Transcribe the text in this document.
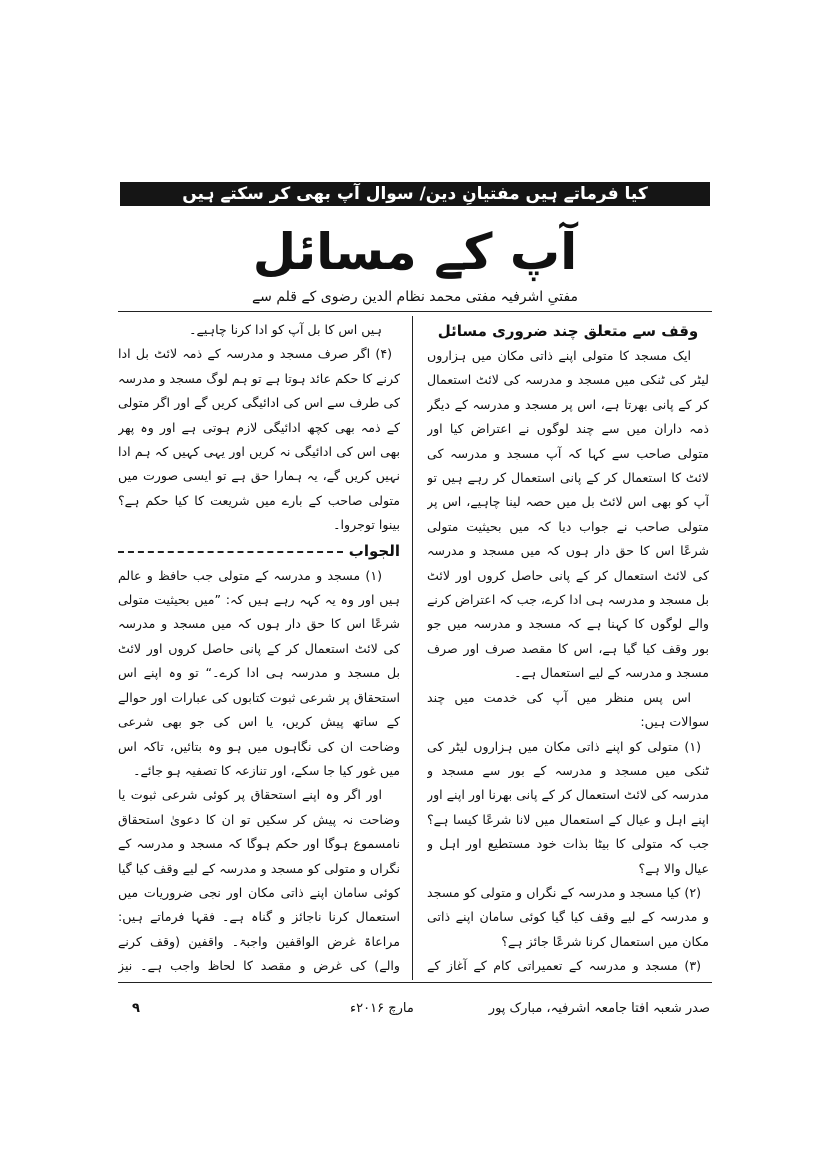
کیا فرماتے ہیں مفتیانِ دین/ سوال آپ بھی کر سکتے ہیں
آپ کے مسائل
مفتیِ اشرفیہ مفتی محمد نظام الدین رضوی کے قلم سے

وقف سے متعلق چند ضروری مسائل

ایک مسجد کا متولی اپنے ذاتی مکان میں ہزاروں لیٹر کی ٹنکی میں مسجد و مدرسہ کی لائٹ استعمال کر کے پانی بھرتا ہے، اس پر مسجد و مدرسہ کے دیگر ذمہ داران میں سے چند لوگوں نے اعتراض کیا اور متولی صاحب سے کہا کہ آپ مسجد و مدرسہ کی لائٹ کا استعمال کر کے پانی استعمال کر رہے ہیں تو آپ کو بھی اس لائٹ بل میں حصہ لینا چاہیے، اس پر متولی صاحب نے جواب دیا کہ میں بحیثیت متولی شرعًا اس کا حق دار ہوں کہ میں مسجد و مدرسہ کی لائٹ استعمال کر کے پانی حاصل کروں اور لائٹ بل مسجد و مدرسہ ہی ادا کرے، جب کہ اعتراض کرنے والے لوگوں کا کہنا ہے کہ مسجد و مدرسہ میں جو بور وقف کیا گیا ہے، اس کا مقصد صرف اور صرف مسجد و مدرسہ کے لیے استعمال ہے۔

اس پس منظر میں آپ کی خدمت میں چند سوالات ہیں:

(۱) متولی کو اپنے ذاتی مکان میں ہزاروں لیٹر کی ٹنکی میں مسجد و مدرسہ کے بور سے مسجد و مدرسہ کی لائٹ استعمال کر کے پانی بھرنا اور اپنے اور اپنے اہل و عیال کے استعمال میں لانا شرعًا کیسا ہے؟ جب کہ متولی کا بیٹا بذات خود مستطیع اور اہل و عیال والا ہے؟

(۲) کیا مسجد و مدرسہ کے نگراں و متولی کو مسجد و مدرسہ کے لیے وقف کیا گیا کوئی سامان اپنے ذاتی مکان میں استعمال کرنا شرعًا جائز ہے؟

(۳) مسجد و مدرسہ کے تعمیراتی کام کے آغاز کے

ہیں اس کا بل آپ کو ادا کرنا چاہیے۔

(۴) اگر صرف مسجد و مدرسہ کے ذمہ لائٹ بل ادا کرنے کا حکم عائد ہوتا ہے تو ہم لوگ مسجد و مدرسہ کی طرف سے اس کی ادائیگی کریں گے اور اگر متولی کے ذمہ بھی کچھ ادائیگی لازم ہوتی ہے اور وہ پھر بھی اس کی ادائیگی نہ کریں اور یہی کہیں کہ ہم ادا نہیں کریں گے، یہ ہمارا حق ہے تو ایسی صورت میں متولی صاحب کے بارے میں شریعت کا کیا حکم ہے؟ بینوا توجروا۔

الجواب

(۱) مسجد و مدرسہ کے متولی جب حافظ و عالم ہیں اور وہ یہ کہہ رہے ہیں کہ: ”میں بحیثیت متولی شرعًا اس کا حق دار ہوں کہ میں مسجد و مدرسہ کی لائٹ استعمال کر کے پانی حاصل کروں اور لائٹ بل مسجد و مدرسہ ہی ادا کرے۔“ تو وہ اپنے اس استحقاق پر شرعی ثبوت کتابوں کی عبارات اور حوالے کے ساتھ پیش کریں، یا اس کی جو بھی شرعی وضاحت ان کی نگاہوں میں ہو وہ بتائیں، تاکہ اس میں غور کیا جا سکے، اور تنازعہ کا تصفیہ ہو جائے۔

اور اگر وہ اپنے استحقاق پر کوئی شرعی ثبوت یا وضاحت نہ پیش کر سکیں تو ان کا دعویٰ استحقاق نامسموع ہوگا اور حکم ہوگا کہ مسجد و مدرسہ کے نگراں و متولی کو مسجد و مدرسہ کے لیے وقف کیا گیا کوئی سامان اپنے ذاتی مکان اور نجی ضروریات میں استعمال کرنا ناجائز و گناہ ہے۔ فقہا فرماتے ہیں: مراعاۃ غرض الواقفین واجبۃ۔ واقفین (وقف کرنے والے) کی غرض و مقصد کا لحاظ واجب ہے۔ نیز

صدر شعبہ افتا جامعہ اشرفیہ، مبارک پور
مارچ ۲۰۱۶ء
۹
